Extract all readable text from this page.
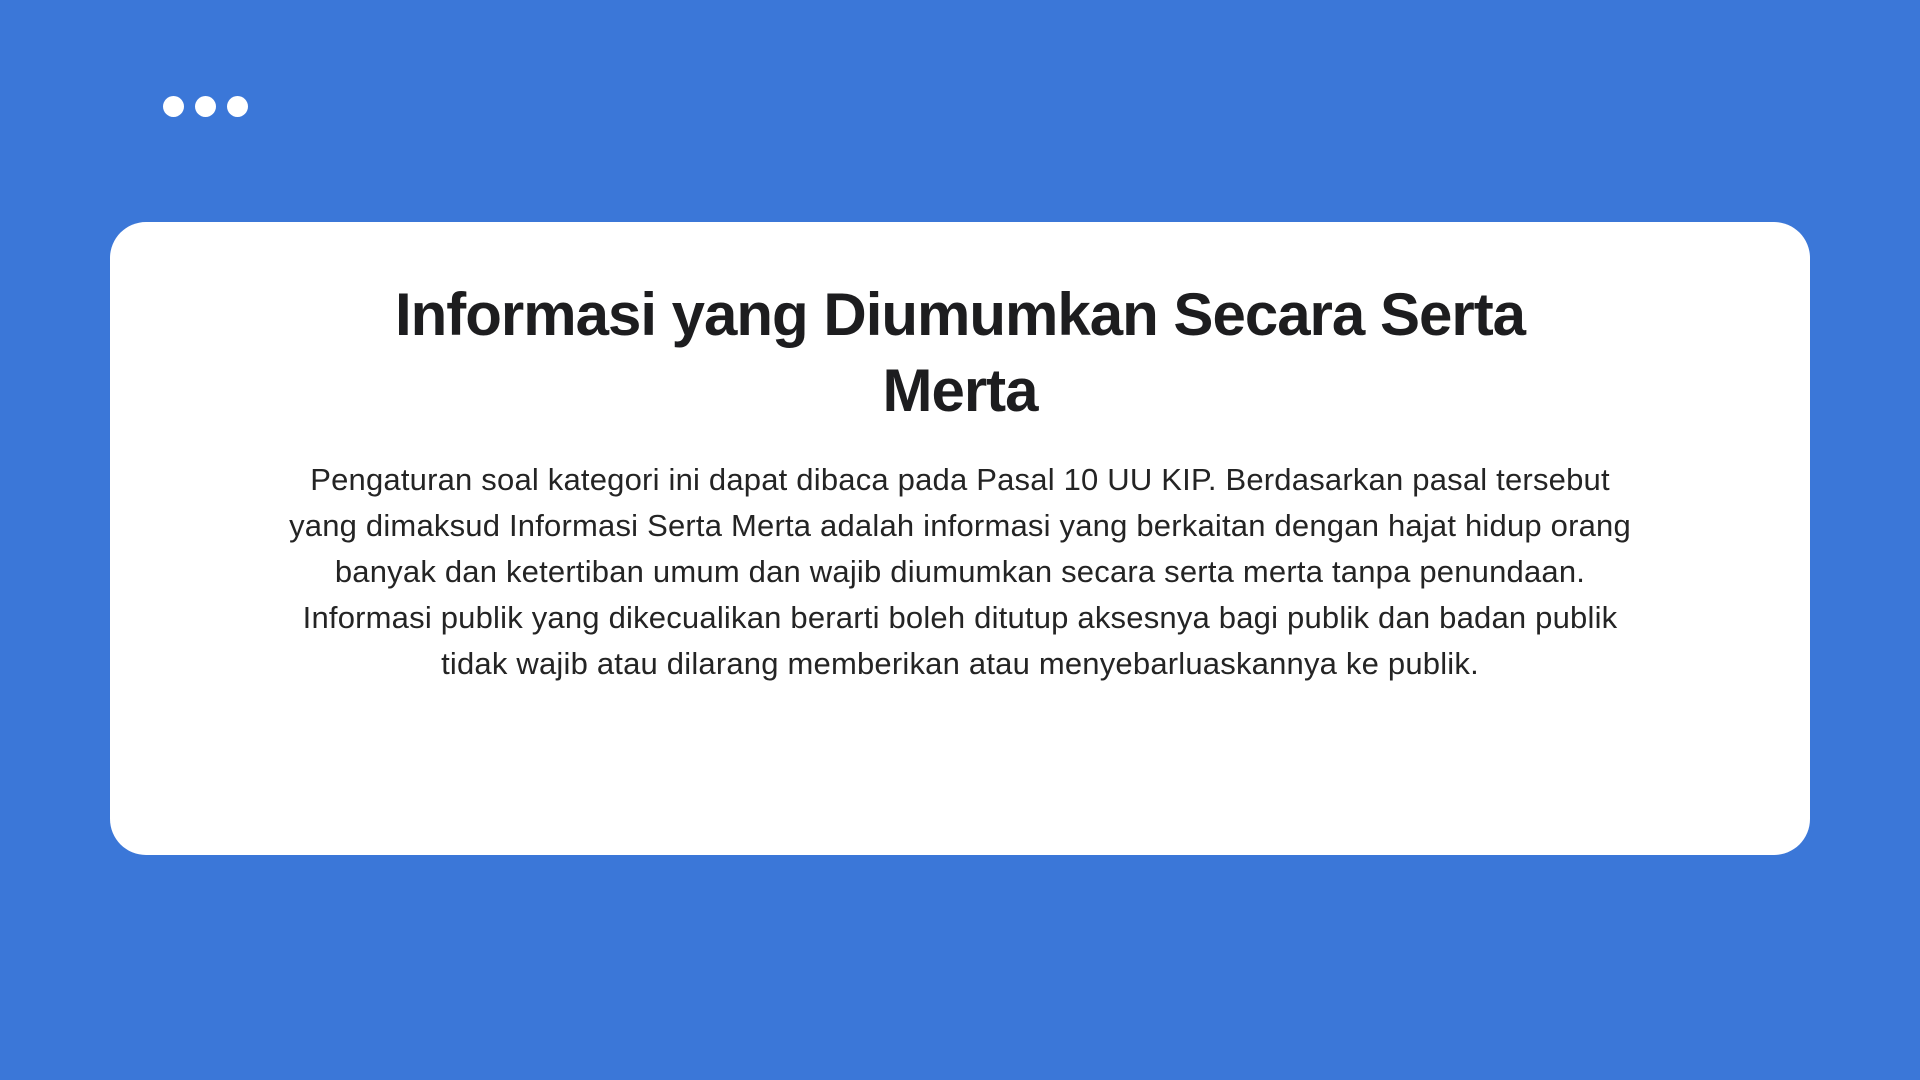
Informasi yang Diumumkan Secara Serta Merta

Pengaturan soal kategori ini dapat dibaca pada Pasal 10 UU KIP. Berdasarkan pasal tersebut yang dimaksud Informasi Serta Merta adalah informasi yang berkaitan dengan hajat hidup orang banyak dan ketertiban umum dan wajib diumumkan secara serta merta tanpa penundaan.

Informasi publik yang dikecualikan berarti boleh ditutup aksesnya bagi publik dan badan publik tidak wajib atau dilarang memberikan atau menyebarluaskannya ke publik.
